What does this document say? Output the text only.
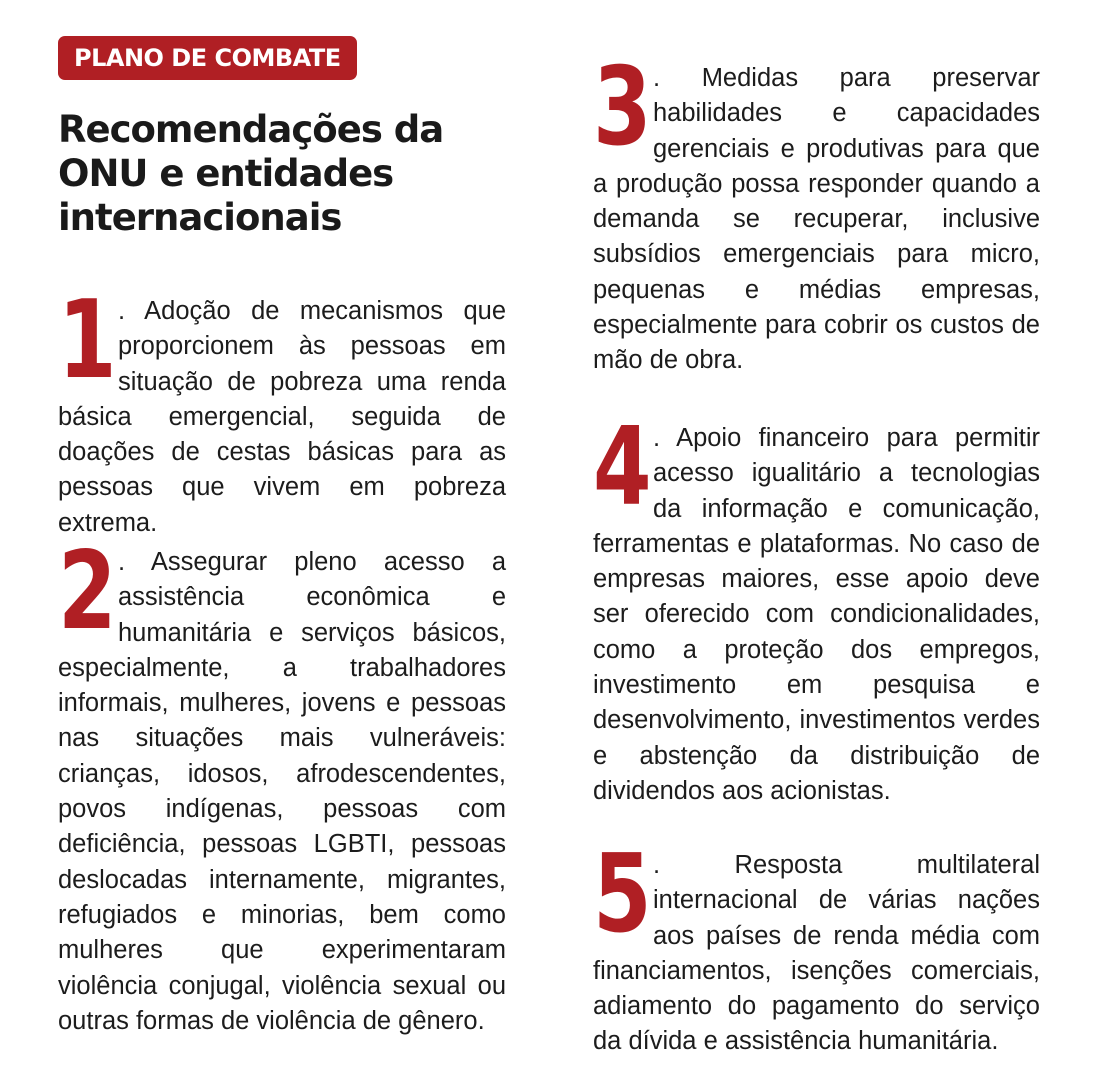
PLANO DE COMBATE
Recomendações da ONU e entidades internacionais

1 . Adoção de mecanismos que proporcionem às pessoas em situação de pobreza uma renda básica emergencial, seguida de doações de cestas básicas para as pessoas que vivem em pobreza extrema.

2 . Assegurar pleno acesso a assistência econômica e humanitária e serviços básicos, especialmente, a trabalhadores informais, mulheres, jovens e pessoas nas situações mais vulneráveis: crianças, idosos, afrodescendentes, povos indígenas, pessoas com deficiência, pessoas LGBTI, pessoas deslocadas internamente, migrantes, refugiados e minorias, bem como mulheres que experimentaram violência conjugal, violência sexual ou outras formas de violência de gênero.

3 . Medidas para preservar habilidades e capacidades gerenciais e produtivas para que a produção possa responder quando a demanda se recuperar, inclusive subsídios emergenciais para micro, pequenas e médias empresas, especialmente para cobrir os custos de mão de obra.

4 . Apoio financeiro para permitir acesso igualitário a tecnologias da informação e comunicação, ferramentas e plataformas. No caso de empresas maiores, esse apoio deve ser oferecido com condicionalidades, como a proteção dos empregos, investimento em pesquisa e desenvolvimento, investimentos verdes e abstenção da distribuição de dividendos aos acionistas.

5 . Resposta multilateral internacional de várias nações aos países de renda média com financiamentos, isenções comerciais, adiamento do pagamento do serviço da dívida e assistência humanitária.
